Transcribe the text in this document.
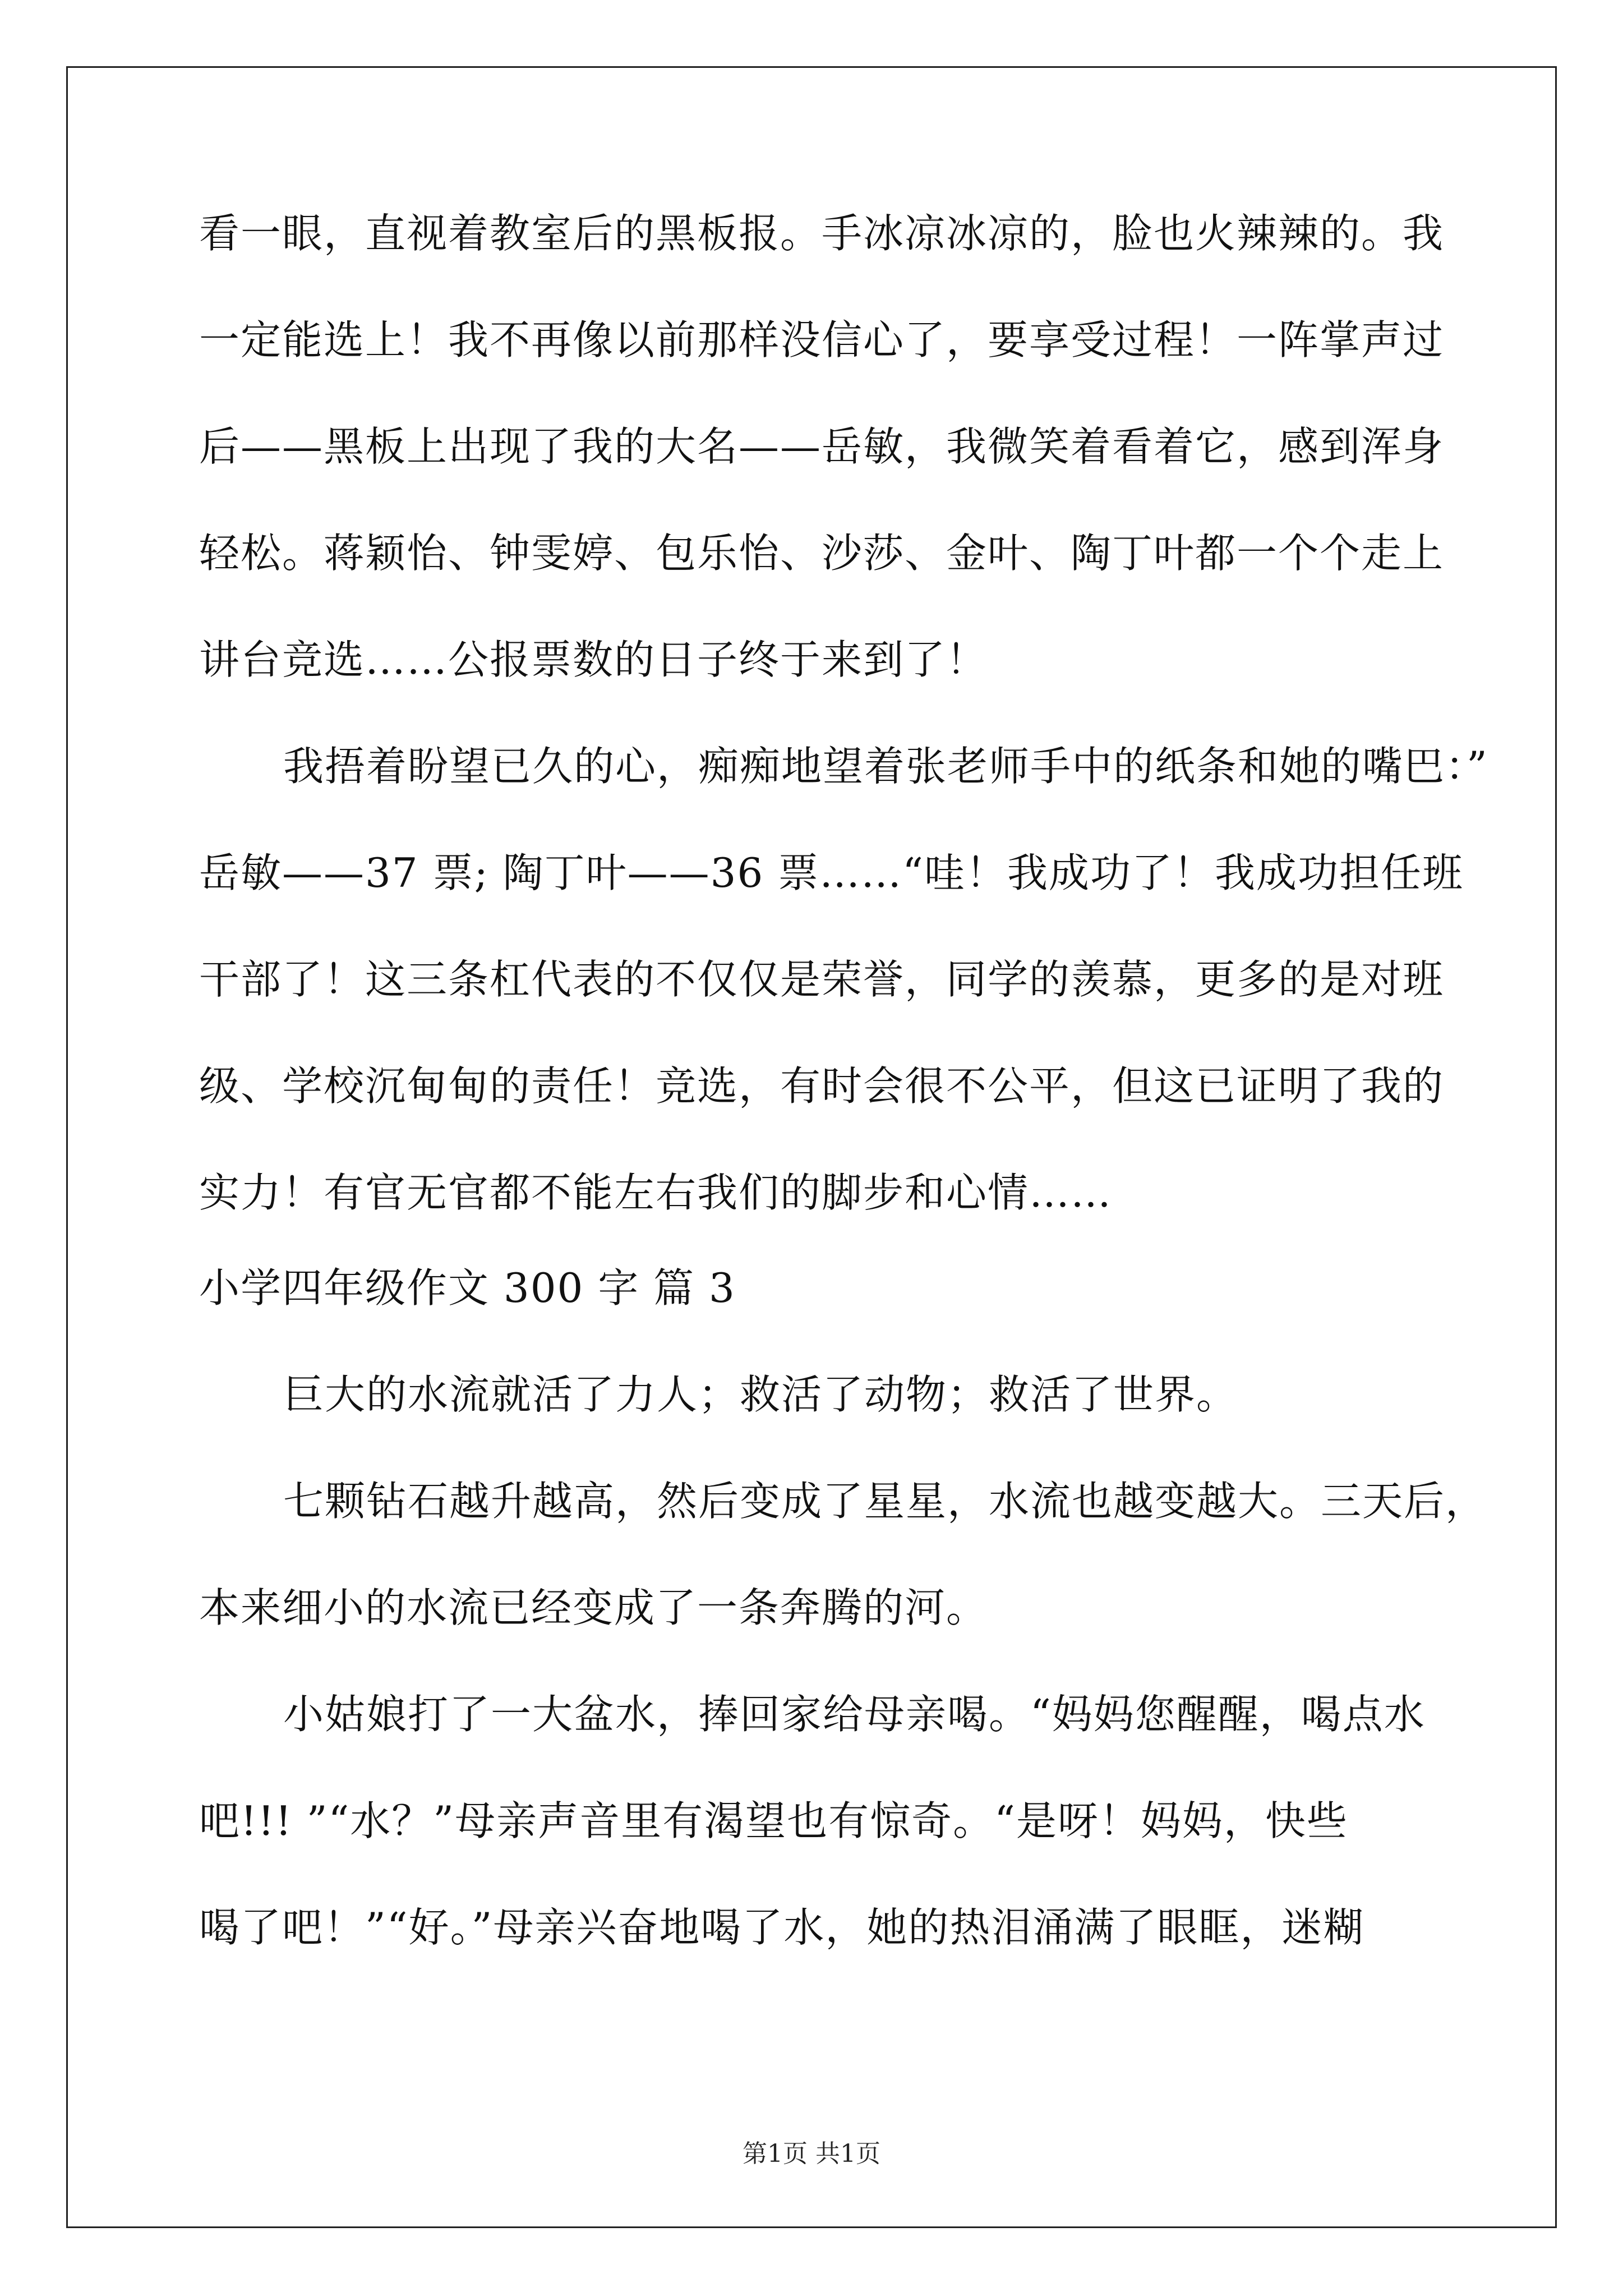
看一眼，直视着教室后的黑板报。手冰凉冰凉的，脸也火辣辣的。我
一定能选上！我不再像以前那样没信心了，要享受过程！一阵掌声过
后——黑板上出现了我的大名——岳敏，我微笑着看着它，感到浑身
轻松。蒋颖怡、钟雯婷、包乐怡、沙莎、金叶、陶丁叶都一个个走上
讲台竞选……公报票数的日子终于来到了！
我捂着盼望已久的心，痴痴地望着张老师手中的纸条和她的嘴巴：”
岳敏——37 票; 陶丁叶——36 票……“哇！我成功了！我成功担任班
干部了！这三条杠代表的不仅仅是荣誉，同学的羡慕，更多的是对班
级、学校沉甸甸的责任！竞选，有时会很不公平，但这已证明了我的
实力！有官无官都不能左右我们的脚步和心情……
小学四年级作文 300 字 篇 3
巨大的水流就活了力人；救活了动物；救活了世界。
七颗钻石越升越高，然后变成了星星，水流也越变越大。三天后，
本来细小的水流已经变成了一条奔腾的河。
小姑娘打了一大盆水，捧回家给母亲喝。“妈妈您醒醒，喝点水
吧!!! ”“水？”母亲声音里有渴望也有惊奇。“是呀！妈妈，快些
喝了吧！”“好。”母亲兴奋地喝了水，她的热泪涌满了眼眶，迷糊
第1页 共1页
